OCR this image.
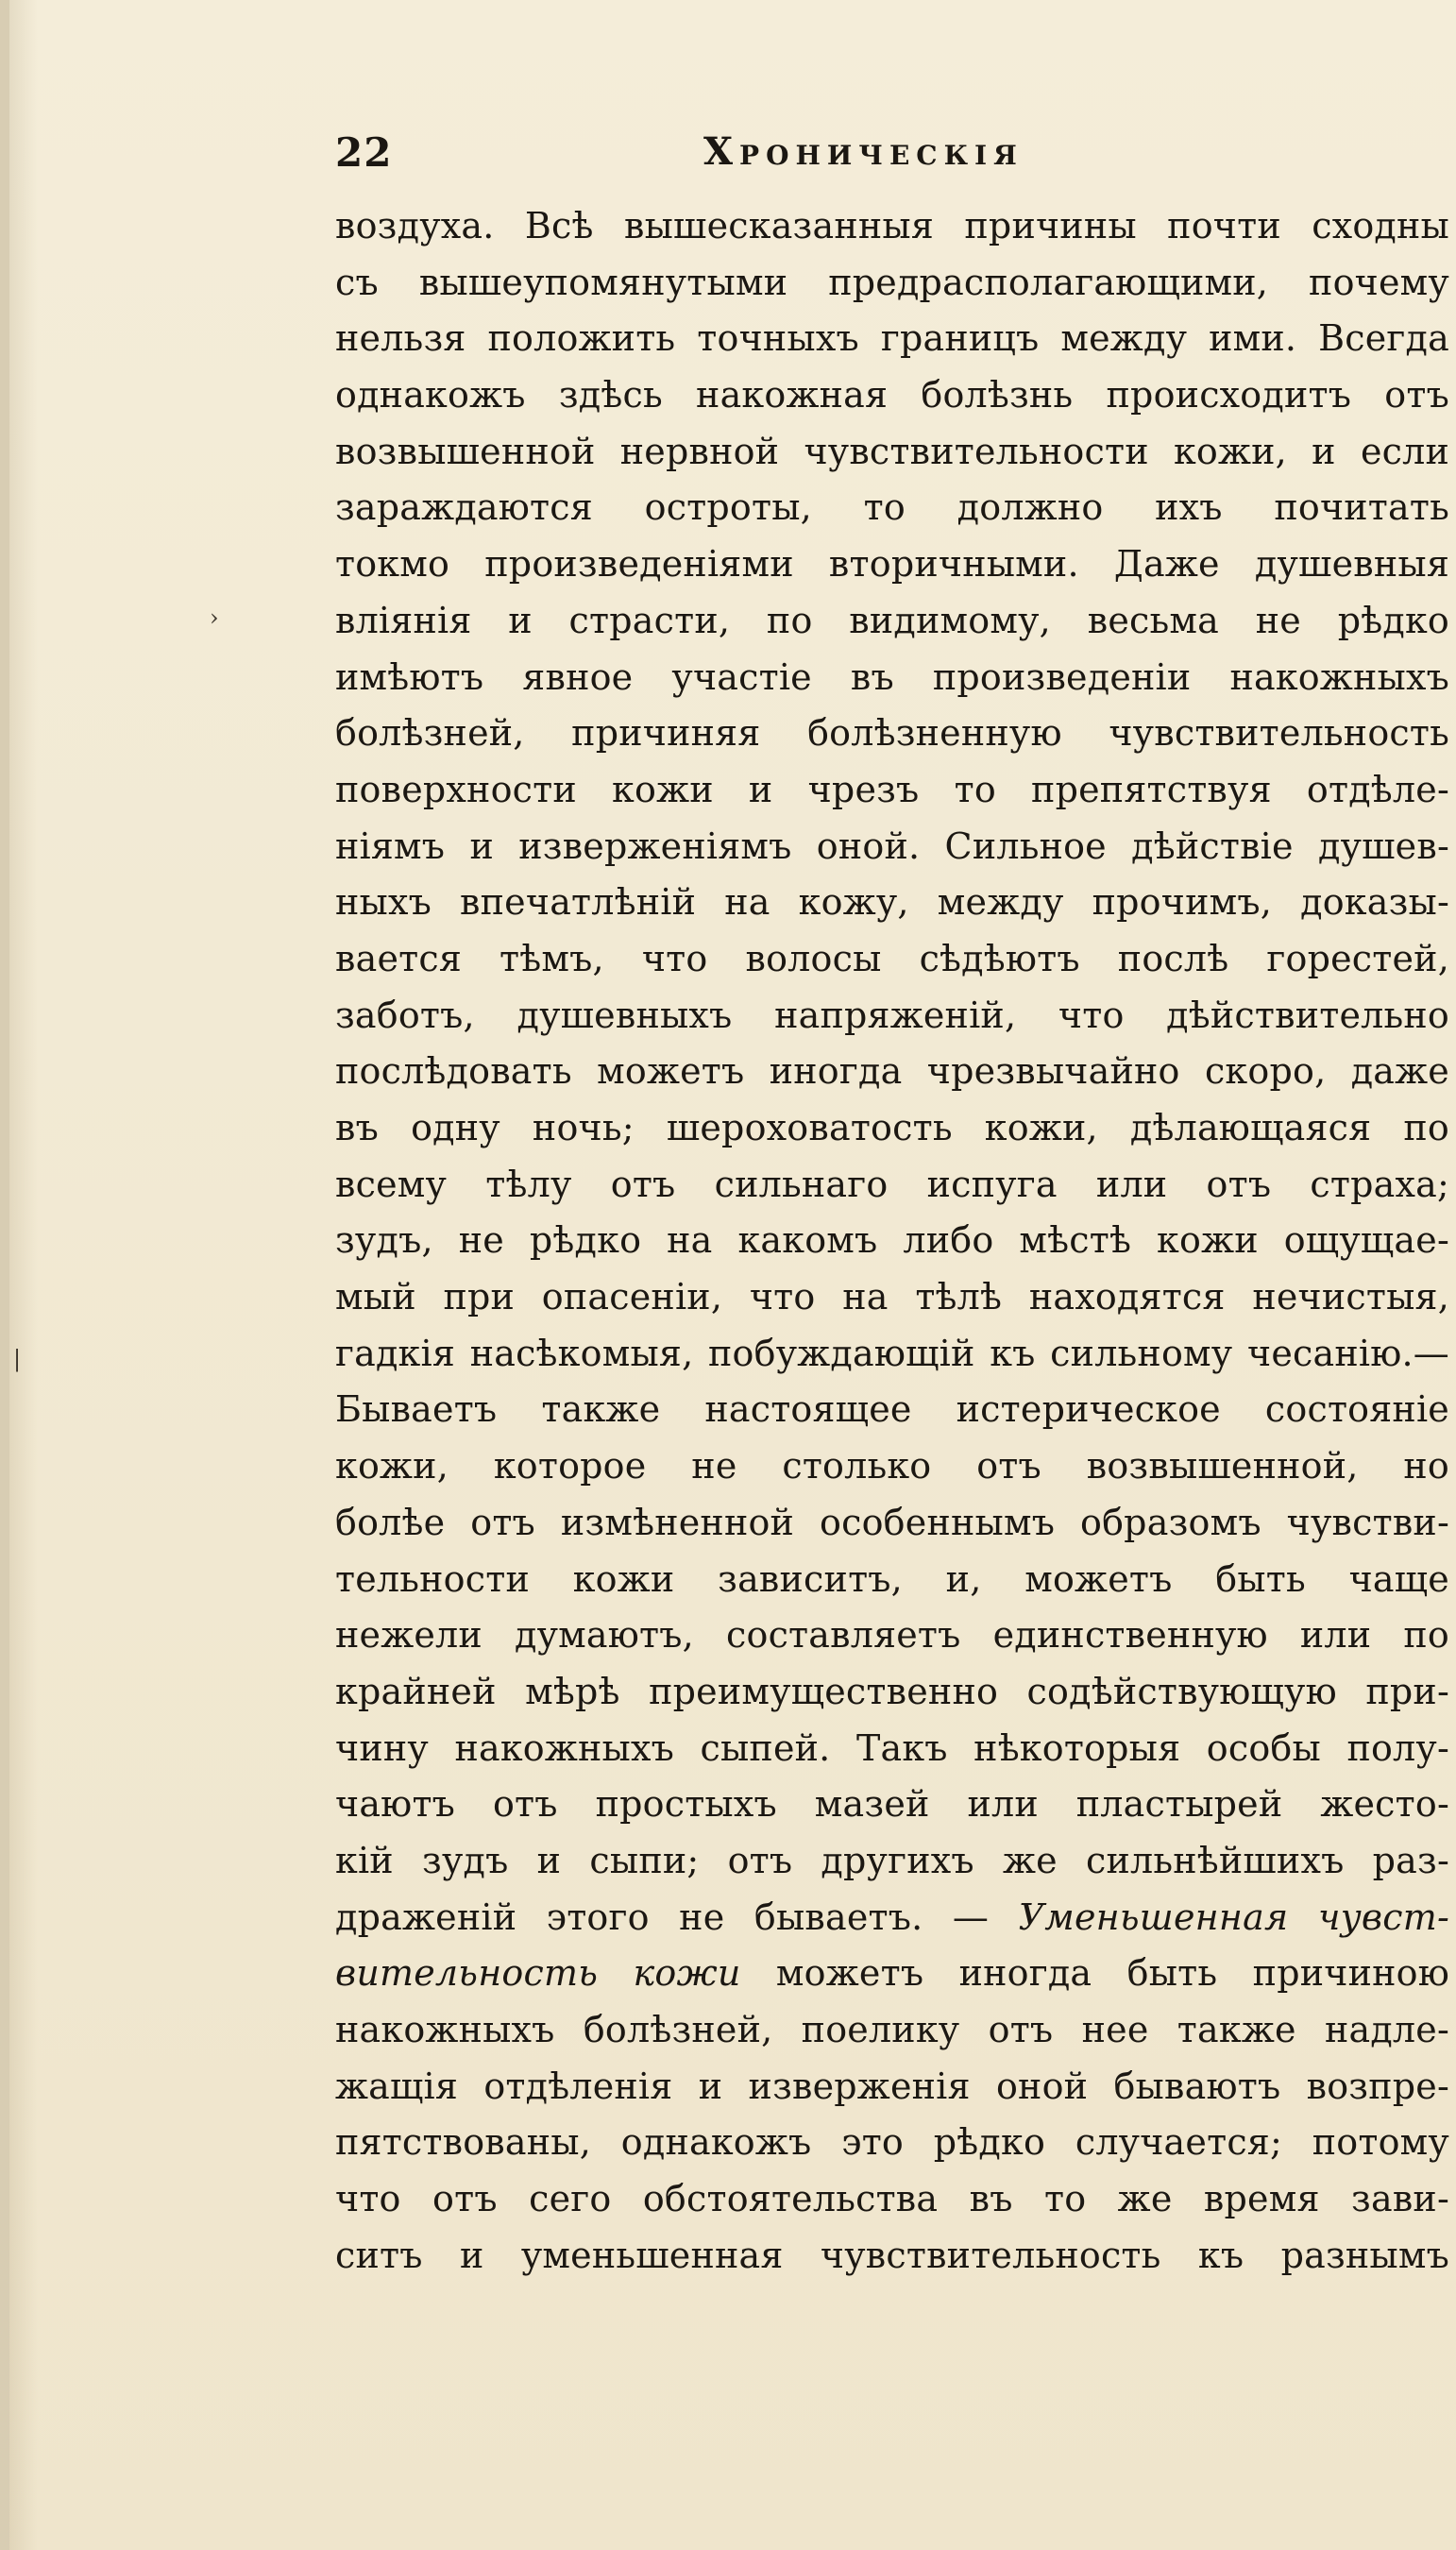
22	Хроническія
›
|
воздуха. Всѣ вышесказанныя причины почти сходны
съ вышеупомянутыми предрасполагающими, почему
нельзя положить точныхъ границъ между ими. Всегда
однакожъ здѣсь накожная болѣзнь происходитъ отъ
возвышенной нервной чувствительности кожи, и если
зараждаются остроты, то должно ихъ почитать
токмо произведеніями вторичными. Даже душевныя
влiянія и страсти, по видимому, весьма не рѣдко
имѣютъ явное участіе въ произведеніи накожныхъ
болѣзней, причиняя болѣзненную чувствительность
поверхности кожи и чрезъ то препятствуя отдѣле-
ніямъ и изверженіямъ оной. Сильное дѣйствіе душев-
ныхъ впечатлѣній на кожу, между прочимъ, доказы-
вается тѣмъ, что волосы сѣдѣютъ послѣ горестей,
заботъ, душевныхъ напряженій, что дѣйствительно
послѣдовать можетъ иногда чрезвычайно скоро, даже
въ одну ночь; шероховатость кожи, дѣлающаяся по
всему тѣлу отъ сильнаго испуга или отъ страха;
зудъ, не рѣдко на какомъ либо мѣстѣ кожи ощущае-
мый при опасеніи, что на тѣлѣ находятся нечистыя,
гадкія насѣкомыя, побуждающій къ сильному чесанію.—
Бываетъ также настоящее истерическое состояніе
кожи, которое не столько отъ возвышенной, но
болѣе отъ измѣненной особеннымъ образомъ чувстви-
тельности кожи зависитъ, и, можетъ быть чаще
нежели думаютъ, составляетъ единственную или по
крайней мѣрѣ преимущественно содѣйствующую при-
чину накожныхъ сыпей. Такъ нѣкоторыя особы полу-
чаютъ отъ простыхъ мазей или пластырей жесто-
кій зудъ и сыпи; отъ другихъ же сильнѣйшихъ раз-
драженій этого не бываетъ. — Уменьшенная чувст-
вительность кожи можетъ иногда быть причиною
накожныхъ болѣзней, поелику отъ нее также надле-
жащія отдѣленія и изверженія оной бываютъ возпре-
пятствованы, однакожъ это рѣдко случается; потому
что отъ сего обстоятельства въ то же время зави-
ситъ и уменьшенная чувствительность къ разнымъ
